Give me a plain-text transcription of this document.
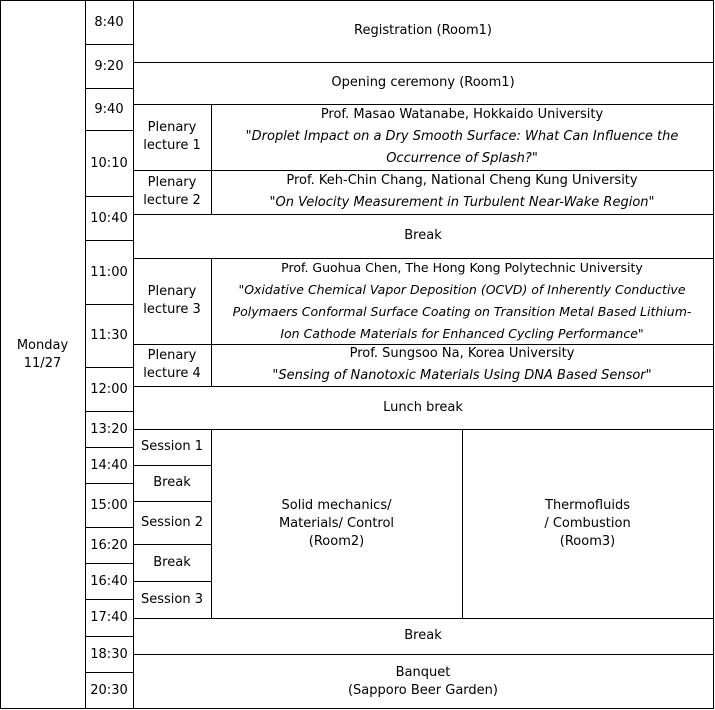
Monday
11/27
8:40
9:20
9:40
10:10
10:40
11:00
11:30
12:00
13:20
14:40
15:00
16:20
16:40
17:40
18:30
20:30
Registration (Room1)
Opening ceremony (Room1)
Plenary
lecture 1
Prof. Masao Watanabe, Hokkaido University
"Droplet Impact on a Dry Smooth Surface: What Can Influence the
Occurrence of Splash?"
Plenary
lecture 2
Prof. Keh-Chin Chang, National Cheng Kung University
"On Velocity Measurement in Turbulent Near-Wake Region"
Break
Plenary
lecture 3
Prof. Guohua Chen, The Hong Kong Polytechnic University
"Oxidative Chemical Vapor Deposition (OCVD) of Inherently Conductive
Polymaers Conformal Surface Coating on Transition Metal Based Lithium-
Ion Cathode Materials for Enhanced Cycling Performance"
Plenary
lecture 4
Prof. Sungsoo Na, Korea University
"Sensing of Nanotoxic Materials Using DNA Based Sensor"
Lunch break
Session 1
Break
Session 2
Break
Session 3
Solid mechanics/
Materials/ Control
(Room2)
Thermofluids
/ Combustion
(Room3)
Break
Banquet
(Sapporo Beer Garden)
